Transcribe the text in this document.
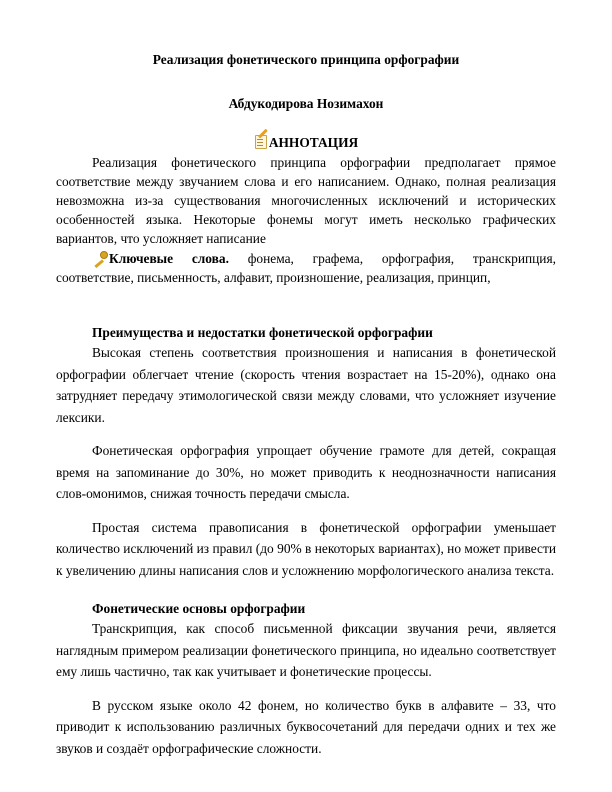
Реализация фонетического принципа орфографии

Абдукодирова Нозимахон

АННОТАЦИЯ

Реализация фонетического принципа орфографии предполагает прямое соответствие между звучанием слова и его написанием. Однако, полная реализация невозможна из-за существования многочисленных исключений и исторических особенностей языка. Некоторые фонемы могут иметь несколько графических вариантов, что усложняет написание

Ключевые слова. фонема, графема, орфография, транскрипция, соответствие, письменность, алфавит, произношение, реализация, принцип,

Преимущества и недостатки фонетической орфографии

Высокая степень соответствия произношения и написания в фонетической орфографии облегчает чтение (скорость чтения возрастает на 15-20%), однако она затрудняет передачу этимологической связи между словами, что усложняет изучение лексики.

Фонетическая орфография упрощает обучение грамоте для детей, сокращая время на запоминание до 30%, но может приводить к неоднозначности написания слов-омонимов, снижая точность передачи смысла.

Простая система правописания в фонетической орфографии уменьшает количество исключений из правил (до 90% в некоторых вариантах), но может привести к увеличению длины написания слов и усложнению морфологического анализа текста.

Фонетические основы орфографии

Транскрипция, как способ письменной фиксации звучания речи, является наглядным примером реализации фонетического принципа, но идеально соответствует ему лишь частично, так как учитывает и фонетические процессы.

В русском языке около 42 фонем, но количество букв в алфавите – 33, что приводит к использованию различных буквосочетаний для передачи одних и тех же звуков и создаёт орфографические сложности.
